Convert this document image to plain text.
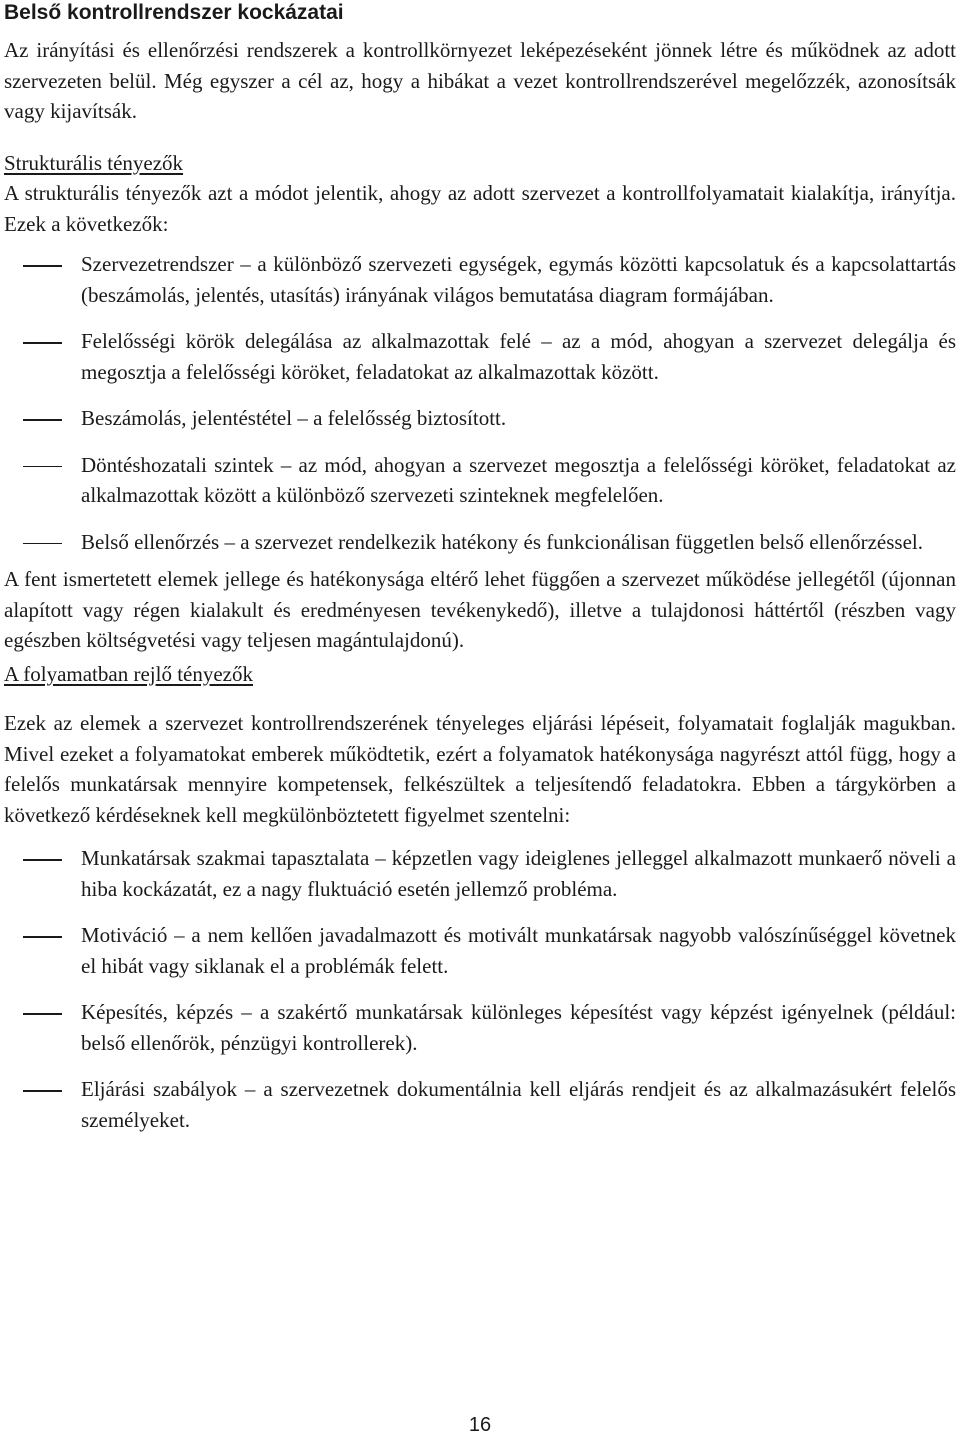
Belső kontrollrendszer kockázatai

Az irányítási és ellenőrzési rendszerek a kontrollkörnyezet leképezéseként jönnek létre és működnek az adott szervezeten belül. Még egyszer a cél az, hogy a hibákat a vezet kontrollrendszerével megelőzzék, azonosítsák vagy kijavítsák.

Strukturális tényezők

A strukturális tényezők azt a módot jelentik, ahogy az adott szervezet a kontrollfolyamatait kialakítja, irányítja. Ezek a következők:

Szervezetrendszer – a különböző szervezeti egységek, egymás közötti kapcsolatuk és a kapcsolattartás (beszámolás, jelentés, utasítás) irányának világos bemutatása diagram formájában.
Felelősségi körök delegálása az alkalmazottak felé – az a mód, ahogyan a szervezet delegálja és megosztja a felelősségi köröket, feladatokat az alkalmazottak között.
Beszámolás, jelentéstétel – a felelősség biztosított.
Döntéshozatali szintek – az mód, ahogyan a szervezet megosztja a felelősségi köröket, feladatokat az alkalmazottak között a különböző szervezeti szinteknek megfelelően.
Belső ellenőrzés – a szervezet rendelkezik hatékony és funkcionálisan független belső ellenőrzéssel.

A fent ismertetett elemek jellege és hatékonysága eltérő lehet függően a szervezet működése jellegétől (újonnan alapított vagy régen kialakult és eredményesen tevékenykedő), illetve a tulajdonosi háttértől (részben vagy egészben költségvetési vagy teljesen magántulajdonú).

A folyamatban rejlő tényezők

Ezek az elemek a szervezet kontrollrendszerének tényeleges eljárási lépéseit, folyamatait foglalják magukban. Mivel ezeket a folyamatokat emberek működtetik, ezért a folyamatok hatékonysága nagyrészt attól függ, hogy a felelős munkatársak mennyire kompetensek, felkészültek a teljesítendő feladatokra. Ebben a tárgykörben a következő kérdéseknek kell megkülönböztetett figyelmet szentelni:

Munkatársak szakmai tapasztalata – képzetlen vagy ideiglenes jelleggel alkalmazott munkaerő növeli a hiba kockázatát, ez a nagy fluktuáció esetén jellemző probléma.
Motiváció – a nem kellően javadalmazott és motivált munkatársak nagyobb valószínűséggel követnek el hibát vagy siklanak el a problémák felett.
Képesítés, képzés – a szakértő munkatársak különleges képesítést vagy képzést igényelnek (például: belső ellenőrök, pénzügyi kontrollerek).
Eljárási szabályok – a szervezetnek dokumentálnia kell eljárás rendjeit és az alkalmazásukért felelős személyeket.
16
